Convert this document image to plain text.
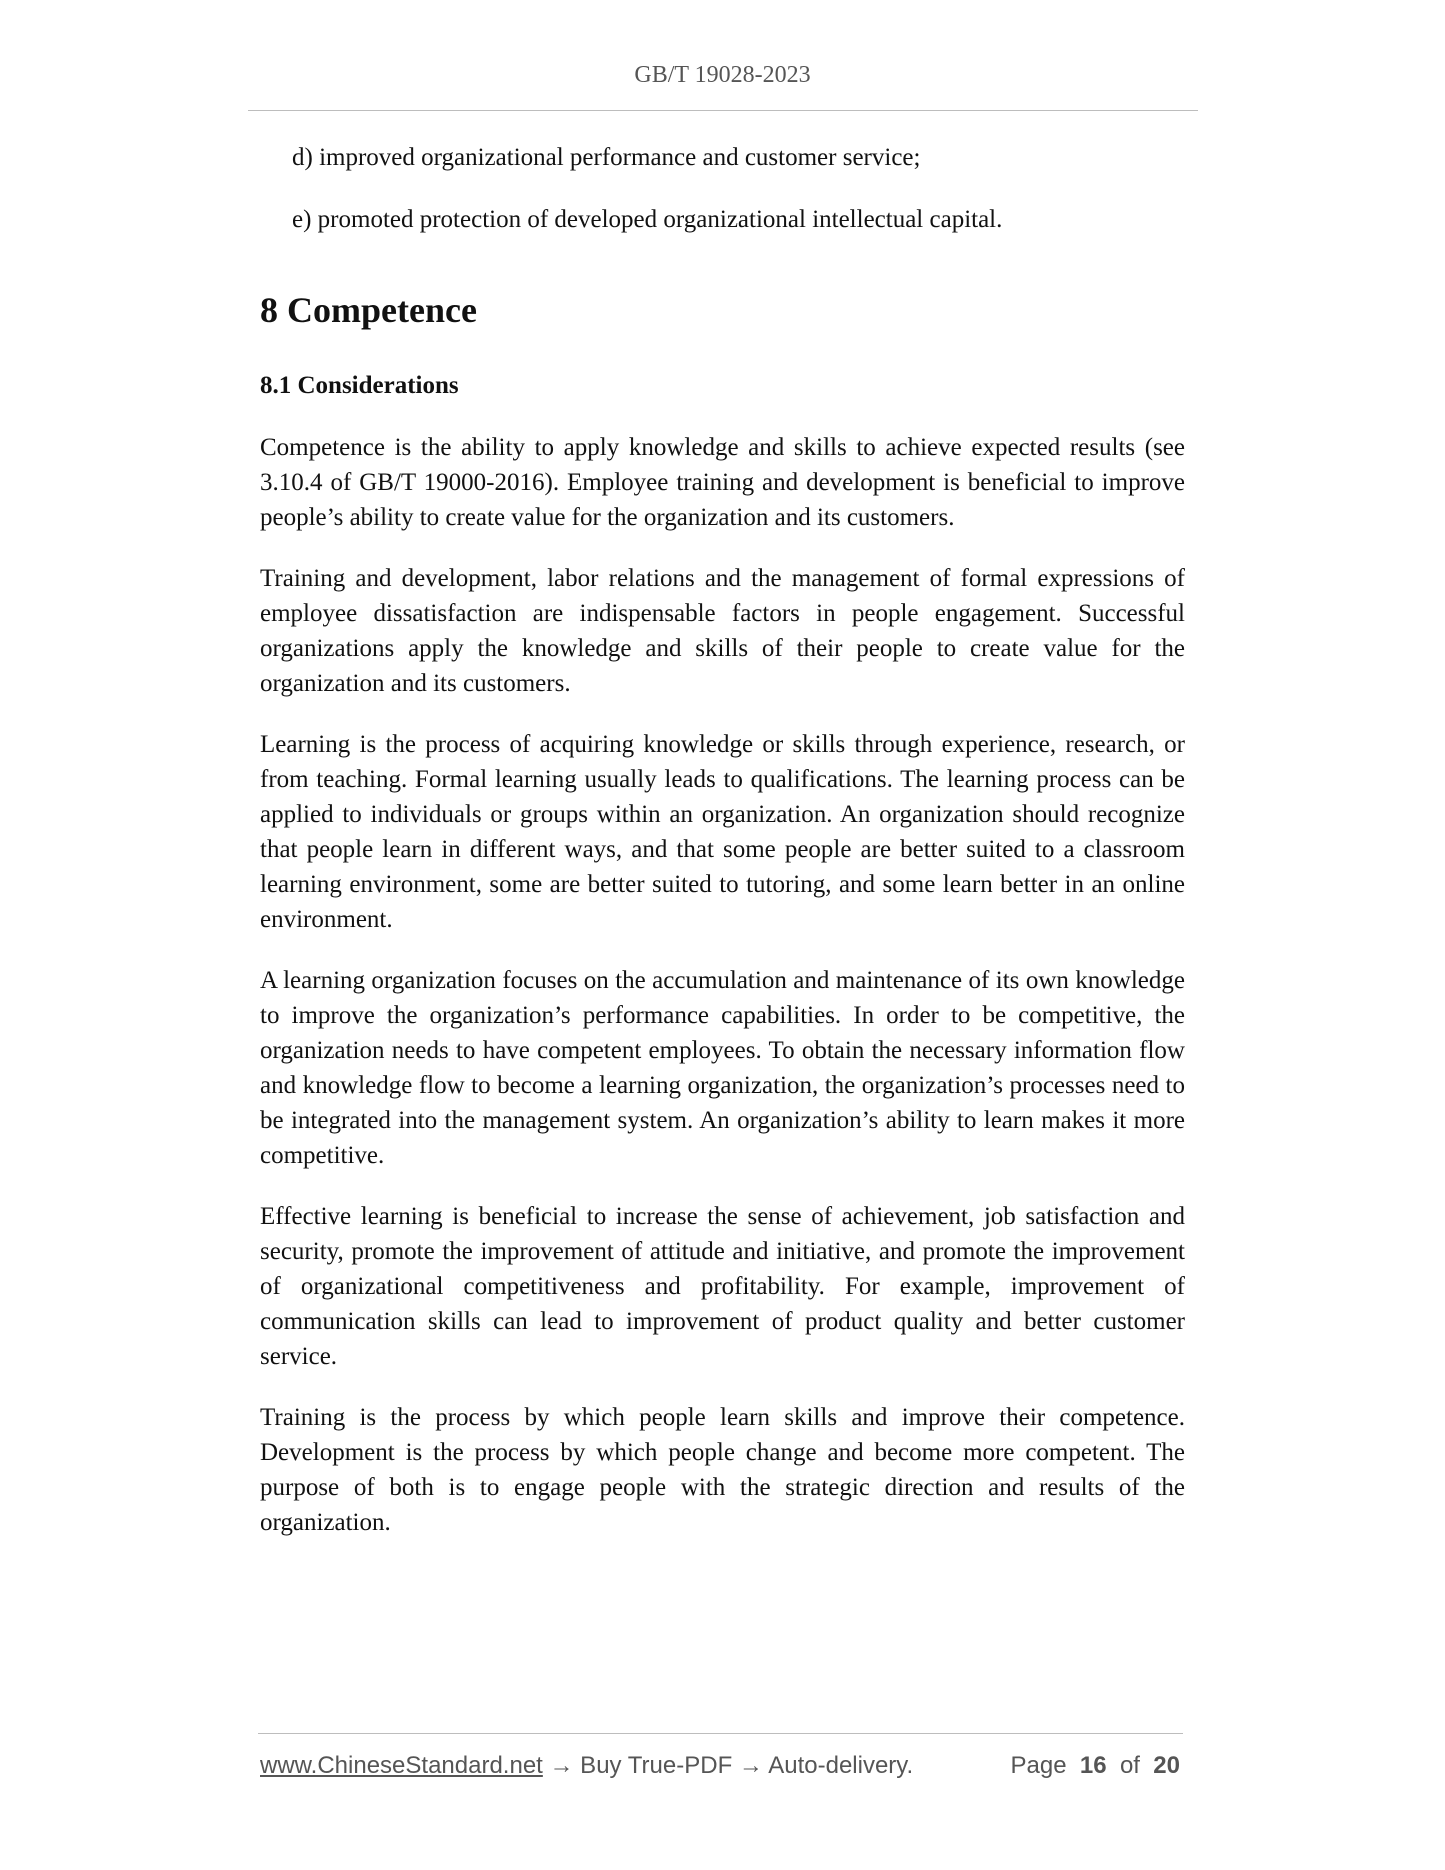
GB/T 19028-2023
d) improved organizational performance and customer service;
e) promoted protection of developed organizational intellectual capital.
8 Competence
8.1 Considerations

Competence is the ability to apply knowledge and skills to achieve expected results (see 3.10.4 of GB/T 19000-2016). Employee training and development is beneficial to improve people’s ability to create value for the organization and its customers.

Training and development, labor relations and the management of formal expressions of employee dissatisfaction are indispensable factors in people engagement. Successful organizations apply the knowledge and skills of their people to create value for the organization and its customers.

Learning is the process of acquiring knowledge or skills through experience, research, or from teaching. Formal learning usually leads to qualifications. The learning process can be applied to individuals or groups within an organization. An organization should recognize that people learn in different ways, and that some people are better suited to a classroom learning environment, some are better suited to tutoring, and some learn better in an online environment.

A learning organization focuses on the accumulation and maintenance of its own knowledge to improve the organization’s performance capabilities. In order to be competitive, the organization needs to have competent employees. To obtain the necessary information flow and knowledge flow to become a learning organization, the organization’s processes need to be integrated into the management system. An organization’s ability to learn makes it more competitive.

Effective learning is beneficial to increase the sense of achievement, job satisfaction and security, promote the improvement of attitude and initiative, and promote the improvement of organizational competitiveness and profitability. For example, improvement of communication skills can lead to improvement of product quality and better customer service.

Training is the process by which people learn skills and improve their competence. Development is the process by which people change and become more competent. The purpose of both is to engage people with the strategic direction and results of the organization.

www.ChineseStandard.net → Buy True-PDF → Auto-delivery.	Page 16 of 20
